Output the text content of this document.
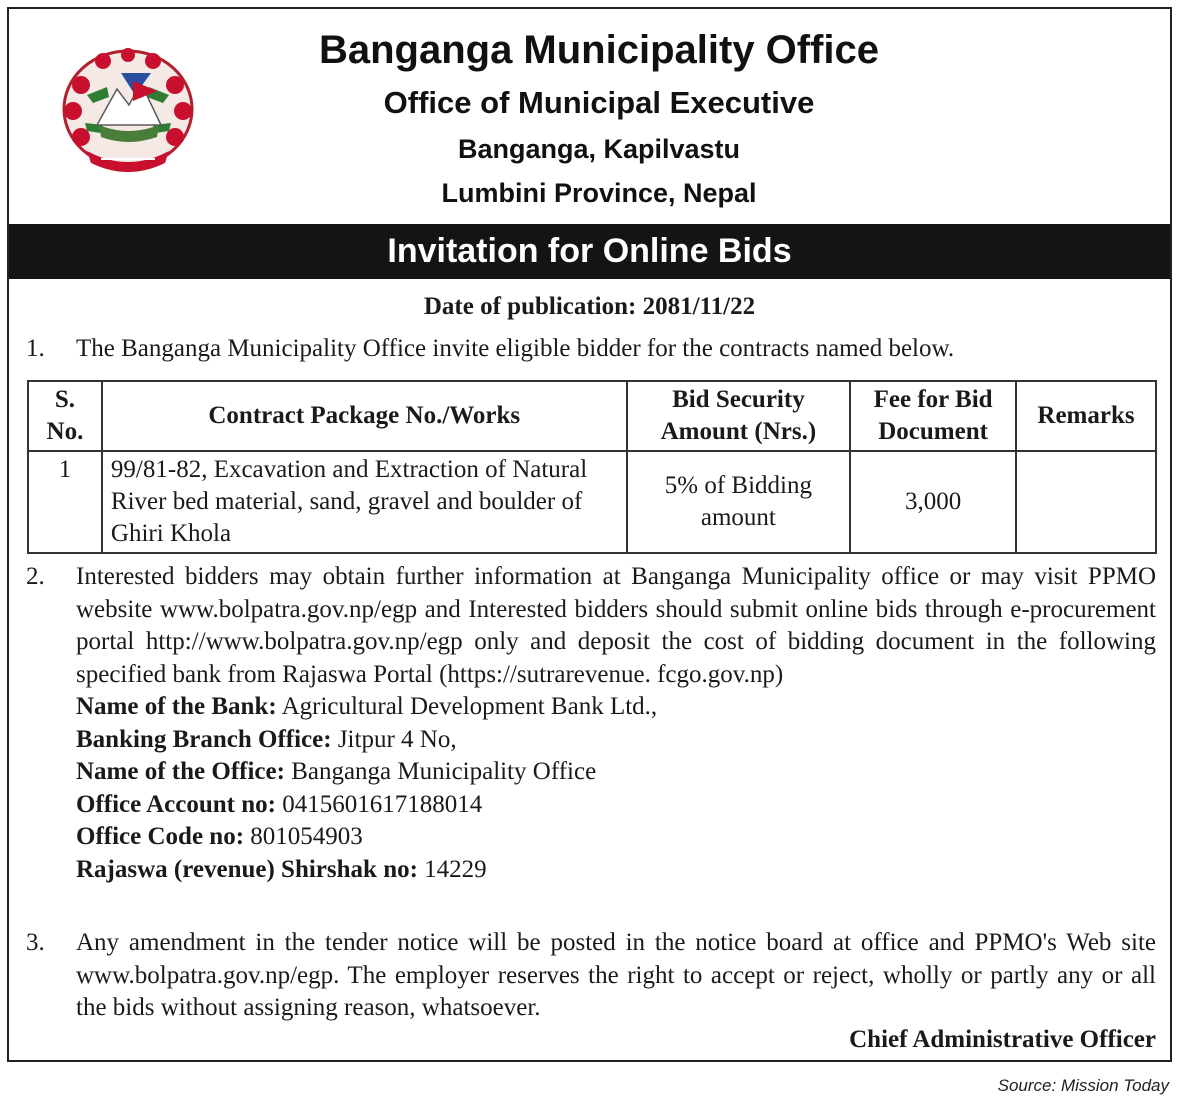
Banganga Municipality Office
Office of Municipal Executive
Banganga, Kapilvastu
Lumbini Province, Nepal
Invitation for Online Bids
Date of publication: 2081/11/22
1.	The Banganga Municipality Office invite eligible bidder for the contracts named below.
S. No.	Contract Package No./Works	Bid Security Amount (Nrs.)	Fee for Bid Document	Remarks
1	99/81-82, Excavation and Extraction of Natural River bed material, sand, gravel and boulder of Ghiri Khola	5% of Bidding amount	3,000	
2.	Interested bidders may obtain further information at Banganga Municipality office or may visit PPMO website www.bolpatra.gov.np/egp and Interested bidders should submit online bids through e-procurement portal http://www.bolpatra.gov.np/egp only and deposit the cost of bidding document in the following specified bank from Rajaswa Portal (https://sutrarevenue. fcgo.gov.np)
Name of the Bank: Agricultural Development Bank Ltd.,
Banking Branch Office: Jitpur 4 No,
Name of the Office: Banganga Municipality Office
Office Account no: 0415601617188014
Office Code no: 801054903
Rajaswa (revenue) Shirshak no: 14229
3.	Any amendment in the tender notice will be posted in the notice board at office and PPMO's Web site www.bolpatra.gov.np/egp. The employer reserves the right to accept or reject, wholly or partly any or all the bids without assigning reason, whatsoever.
Chief Administrative Officer
Source: Mission Today
